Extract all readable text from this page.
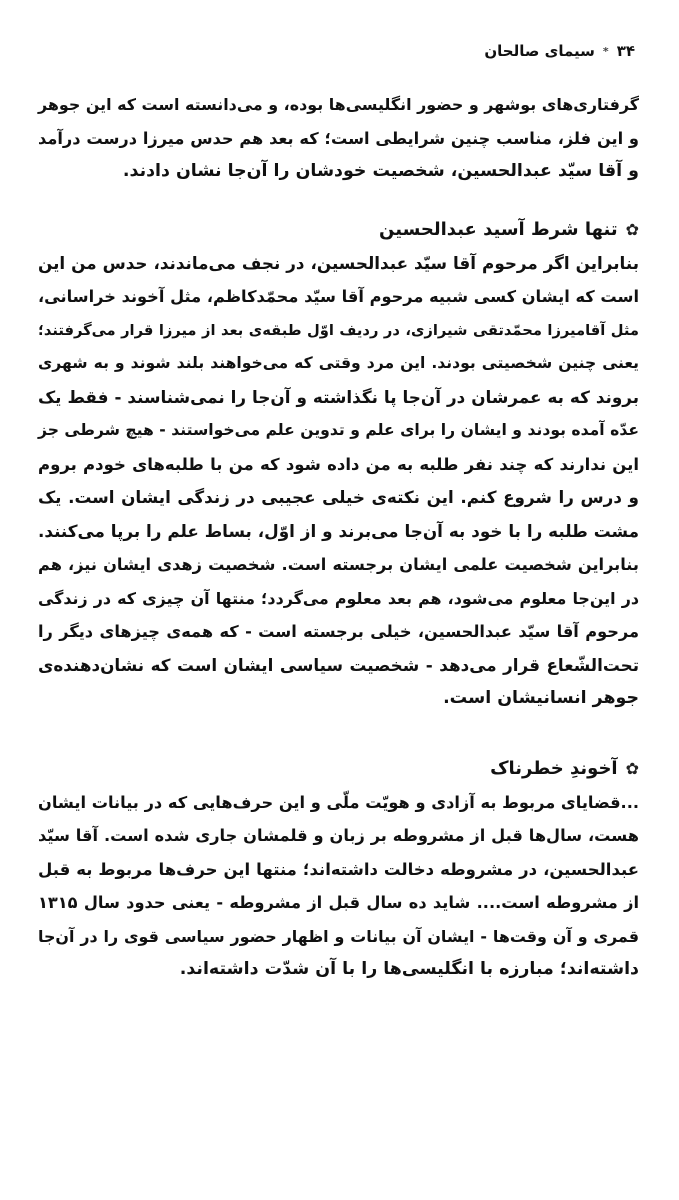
۳۴
*
سیمای صالحان

گرفتاری‌های بوشهر و حضور انگلیسی‌ها بوده، و می‌دانسته است که این جوهر
و این فلز، مناسب چنین شرایطی است؛ که بعد هم حدس میرزا درست درآمد
و آقا سیّد عبدالحسین، شخصیت خودشان را آن‌جا نشان دادند.

✿
تنها شرط آسید عبدالحسین

بنابراین اگر مرحوم آقا سیّد عبدالحسین، در نجف می‌ماندند، حدس من این
است که ایشان کسی شبیه مرحوم آقا سیّد محمّدکاظم، مثل آخوند خراسانی،
مثل آقامیرزا محمّدتقی شیرازی، در ردیف اوّل طبقه‌ی بعد از میرزا قرار می‌گرفتند؛
یعنی چنین شخصیتی بودند. این مرد وقتی که می‌خواهند بلند شوند و به شهری
بروند که به عمرشان در آن‌جا پا نگذاشته و آن‌جا را نمی‌شناسند - فقط یک
عدّه آمده بودند و ایشان را برای علم و تدوین علم می‌خواستند - هیچ شرطی جز
این ندارند که چند نفر طلبه به من داده شود که من با طلبه‌های خودم بروم
و درس را شروع کنم. این نکته‌ی خیلی عجیبی در زندگی ایشان است. یک
مشت طلبه را با خود به آن‌جا می‌برند و از اوّل، بساط علم را برپا می‌کنند.
بنابراین شخصیت علمی ایشان برجسته است. شخصیت زهدی ایشان نیز، هم
در این‌جا معلوم می‌شود، هم بعد معلوم می‌گردد؛ منتها آن چیزی که در زندگی
مرحوم آقا سیّد عبدالحسین، خیلی برجسته است - که همه‌ی چیزهای دیگر را
تحت‌الشّعاع قرار می‌دهد - شخصیت سیاسی ایشان است که نشان‌دهنده‌ی
جوهر انسانیشان است.

✿
آخوندِ خطرناک

...قضایای مربوط به آزادی و هویّت ملّی و این حرف‌هایی که در بیانات ایشان
هست، سال‌ها قبل از مشروطه بر زبان و قلمشان جاری شده است. آقا سیّد
عبدالحسین، در مشروطه دخالت داشته‌اند؛ منتها این حرف‌ها مربوط به قبل
از مشروطه است.... شاید ده سال قبل از مشروطه - یعنی حدود سال ۱۳۱۵
قمری و آن وقت‌ها - ایشان آن بیانات و اظهار حضور سیاسی قوی را در آن‌جا
داشته‌اند؛ مبارزه با انگلیسی‌ها را با آن شدّت داشته‌اند.
